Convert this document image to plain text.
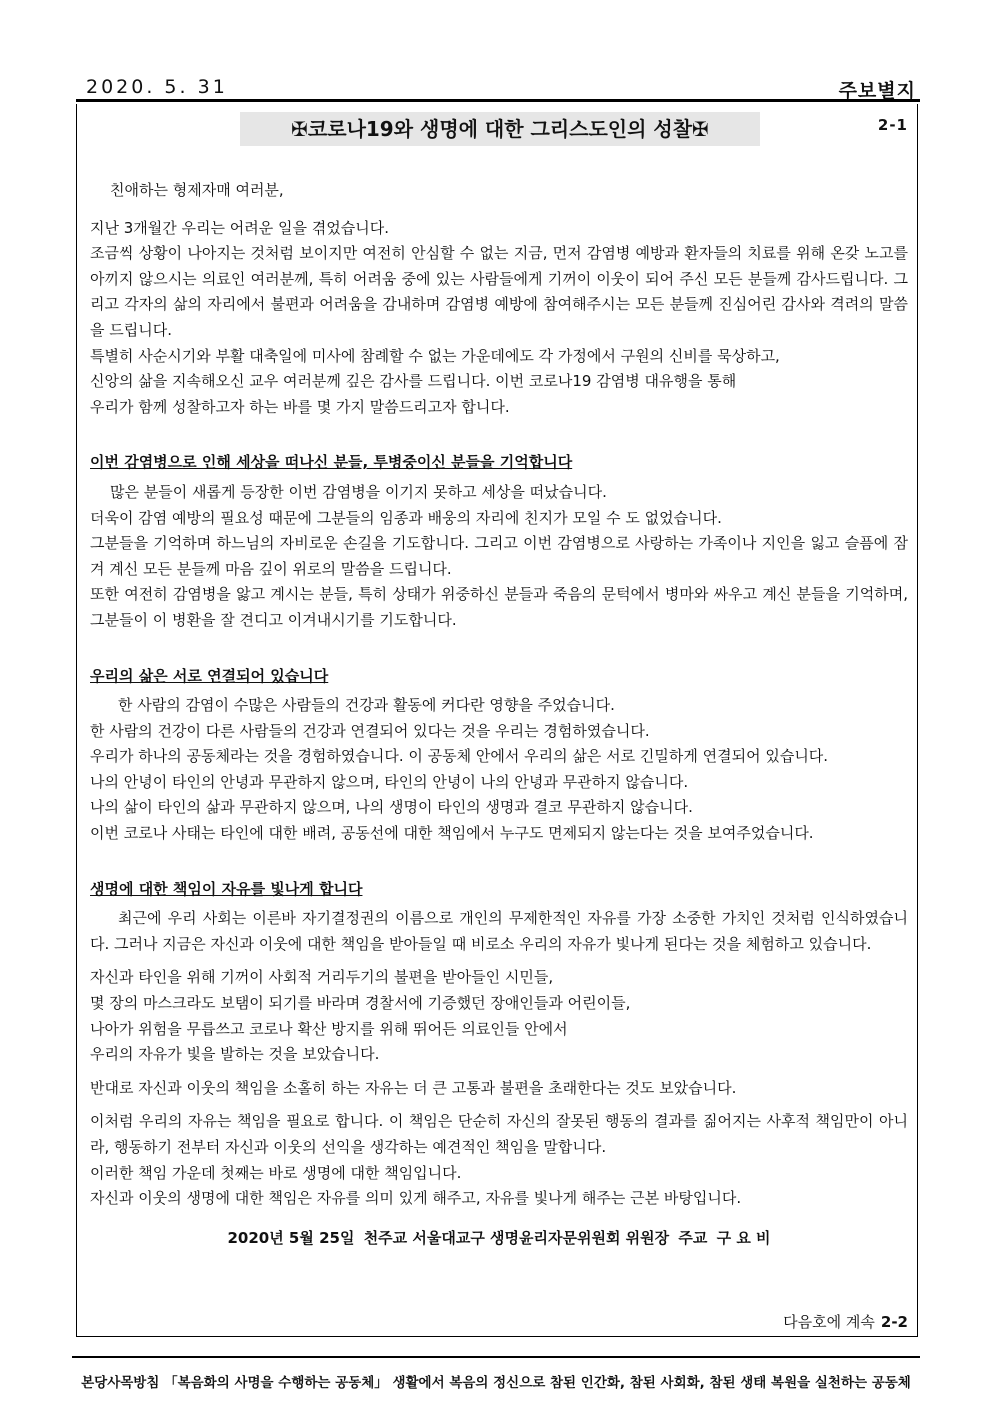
2020. 5. 31	주보별지
✠코로나19와 생명에 대한 그리스도인의 성찰✠	2-1

친애하는 형제자매 여러분,

지난 3개월간 우리는 어려운 일을 겪었습니다.

조금씩 상황이 나아지는 것처럼 보이지만 여전히 안심할 수 없는 지금, 먼저 감염병 예방과 환자들의 치료를 위해 온갖 노고를 아끼지 않으시는 의료인 여러분께, 특히 어려움 중에 있는 사람들에게 기꺼이 이웃이 되어 주신 모든 분들께 감사드립니다. 그리고 각자의 삶의 자리에서 불편과 어려움을 감내하며 감염병 예방에 참여해주시는 모든 분들께 진심어린 감사와 격려의 말씀을 드립니다.

특별히 사순시기와 부활 대축일에 미사에 참례할 수 없는 가운데에도 각 가정에서 구원의 신비를 묵상하고,

신앙의 삶을 지속해오신 교우 여러분께 깊은 감사를 드립니다. 이번 코로나19 감염병 대유행을 통해

우리가 함께 성찰하고자 하는 바를 몇 가지 말씀드리고자 합니다.

이번 감염병으로 인해 세상을 떠나신 분들, 투병중이신 분들을 기억합니다

많은 분들이 새롭게 등장한 이번 감염병을 이기지 못하고 세상을 떠났습니다.

더욱이 감염 예방의 필요성 때문에 그분들의 임종과 배웅의 자리에 친지가 모일 수 도 없었습니다.

그분들을 기억하며 하느님의 자비로운 손길을 기도합니다. 그리고 이번 감염병으로 사랑하는 가족이나 지인을 잃고 슬픔에 잠겨 계신 모든 분들께 마음 깊이 위로의 말씀을 드립니다.

또한 여전히 감염병을 앓고 계시는 분들, 특히 상태가 위중하신 분들과 죽음의 문턱에서 병마와 싸우고 계신 분들을 기억하며, 그분들이 이 병환을 잘 견디고 이겨내시기를 기도합니다.

우리의 삶은 서로 연결되어 있습니다

한 사람의 감염이 수많은 사람들의 건강과 활동에 커다란 영향을 주었습니다.

한 사람의 건강이 다른 사람들의 건강과 연결되어 있다는 것을 우리는 경험하였습니다.

우리가 하나의 공동체라는 것을 경험하였습니다. 이 공동체 안에서 우리의 삶은 서로 긴밀하게 연결되어 있습니다.

나의 안녕이 타인의 안녕과 무관하지 않으며, 타인의 안녕이 나의 안녕과 무관하지 않습니다.

나의 삶이 타인의 삶과 무관하지 않으며, 나의 생명이 타인의 생명과 결코 무관하지 않습니다.

이번 코로나 사태는 타인에 대한 배려, 공동선에 대한 책임에서 누구도 면제되지 않는다는 것을 보여주었습니다.

생명에 대한 책임이 자유를 빛나게 합니다

최근에 우리 사회는 이른바 자기결정권의 이름으로 개인의 무제한적인 자유를 가장 소중한 가치인 것처럼 인식하였습니다. 그러나 지금은 자신과 이웃에 대한 책임을 받아들일 때 비로소 우리의 자유가 빛나게 된다는 것을 체험하고 있습니다.

자신과 타인을 위해 기꺼이 사회적 거리두기의 불편을 받아들인 시민들,

몇 장의 마스크라도 보탬이 되기를 바라며 경찰서에 기증했던 장애인들과 어린이들,

나아가 위험을 무릅쓰고 코로나 확산 방지를 위해 뛰어든 의료인들 안에서

우리의 자유가 빛을 발하는 것을 보았습니다.

반대로 자신과 이웃의 책임을 소홀히 하는 자유는 더 큰 고통과 불편을 초래한다는 것도 보았습니다.

이처럼 우리의 자유는 책임을 필요로 합니다. 이 책임은 단순히 자신의 잘못된 행동의 결과를 짊어지는 사후적 책임만이 아니라, 행동하기 전부터 자신과 이웃의 선익을 생각하는 예견적인 책임을 말합니다.

이러한 책임 가운데 첫째는 바로 생명에 대한 책임입니다.

자신과 이웃의 생명에 대한 책임은 자유를 의미 있게 해주고, 자유를 빛나게 해주는 근본 바탕입니다.

2020년 5월 25일 천주교 서울대교구 생명윤리자문위원회 위원장 주교 구 요 비

다음호에 계속 2-2
본당사목방침 「복음화의 사명을 수행하는 공동체」 생활에서 복음의 정신으로 참된 인간화, 참된 사회화, 참된 생태 복원을 실천하는 공동체
